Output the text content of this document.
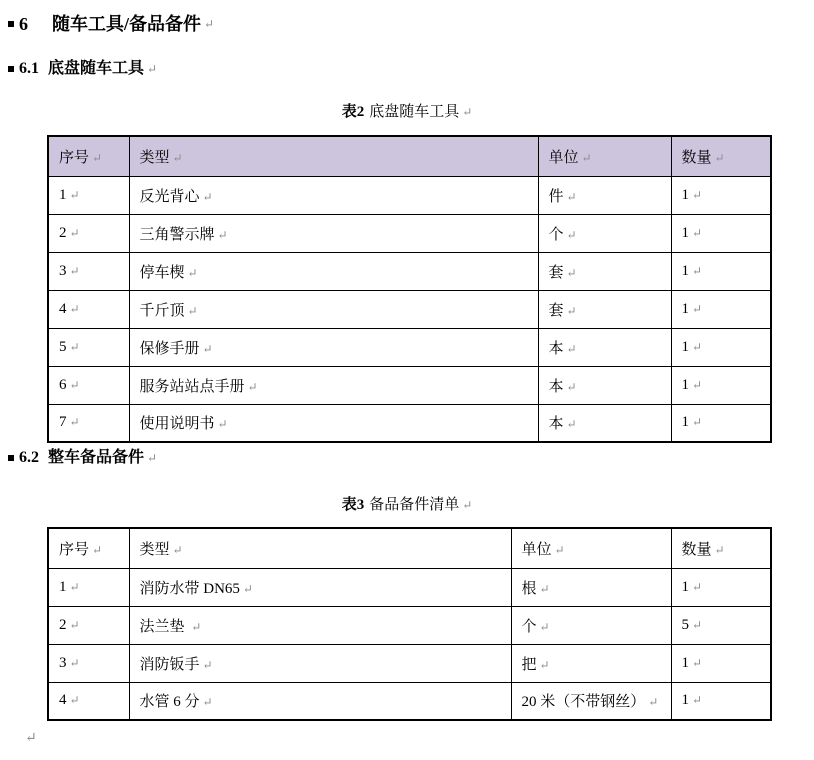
6 随车工具/备品备件 ↵
6.1 底盘随车工具 ↵
表2 底盘随车工具 ↵
序号 ↵	类型 ↵	单位 ↵	数量 ↵
1 ↵	反光背心 ↵	件 ↵	1 ↵
2 ↵	三角警示牌 ↵	个 ↵	1 ↵
3 ↵	停车楔 ↵	套 ↵	1 ↵
4 ↵	千斤顶 ↵	套 ↵	1 ↵
5 ↵	保修手册 ↵	本 ↵	1 ↵
6 ↵	服务站站点手册 ↵	本 ↵	1 ↵
7 ↵	使用说明书 ↵	本 ↵	1 ↵
6.2 整车备品备件 ↵
表3 备品备件清单 ↵
序号 ↵	类型 ↵	单位 ↵	数量 ↵
1 ↵	消防水带 DN65 ↵	根 ↵	1 ↵
2 ↵	法兰垫 ↵	个 ↵	5 ↵
3 ↵	消防钣手 ↵	把 ↵	1 ↵
4 ↵	水管 6 分 ↵	20 米（不带钢丝） ↵	1 ↵
↵
